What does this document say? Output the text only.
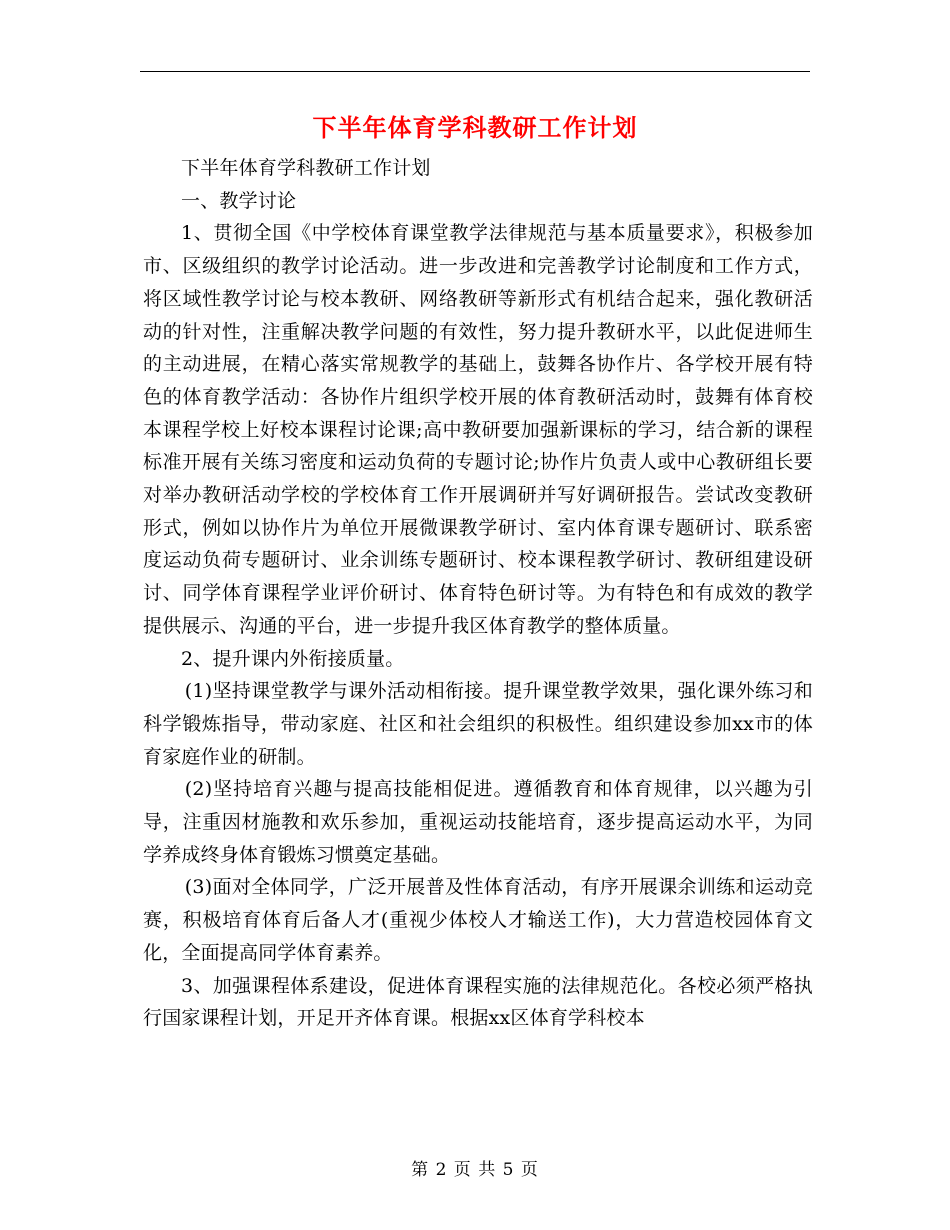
下半年体育学科教研工作计划

下半年体育学科教研工作计划

一、教学讨论

1、贯彻全国《中学校体育课堂教学法律规范与基本质量要求》，积极参加市、区级组织的教学讨论活动。进一步改进和完善教学讨论制度和工作方式，将区域性教学讨论与校本教研、网络教研等新形式有机结合起来，强化教研活动的针对性，注重解决教学问题的有效性，努力提升教研水平，以此促进师生的主动进展，在精心落实常规教学的基础上，鼓舞各协作片、各学校开展有特色的体育教学活动：各协作片组织学校开展的体育教研活动时，鼓舞有体育校本课程学校上好校本课程讨论课;高中教研要加强新课标的学习，结合新的课程标准开展有关练习密度和运动负荷的专题讨论;协作片负责人或中心教研组长要对举办教研活动学校的学校体育工作开展调研并写好调研报告。尝试改变教研形式，例如以协作片为单位开展微课教学研讨、室内体育课专题研讨、联系密度运动负荷专题研讨、业余训练专题研讨、校本课程教学研讨、教研组建设研讨、同学体育课程学业评价研讨、体育特色研讨等。为有特色和有成效的教学提供展示、沟通的平台，进一步提升我区体育教学的整体质量。

2、提升课内外衔接质量。

(1)坚持课堂教学与课外活动相衔接。提升课堂教学效果，强化课外练习和科学锻炼指导，带动家庭、社区和社会组织的积极性。组织建设参加xx市的体育家庭作业的研制。

(2)坚持培育兴趣与提高技能相促进。遵循教育和体育规律，以兴趣为引导，注重因材施教和欢乐参加，重视运动技能培育，逐步提高运动水平，为同学养成终身体育锻炼习惯奠定基础。

(3)面对全体同学，广泛开展普及性体育活动，有序开展课余训练和运动竞赛，积极培育体育后备人才(重视少体校人才输送工作)，大力营造校园体育文化，全面提高同学体育素养。

3、加强课程体系建设，促进体育课程实施的法律规范化。各校必须严格执行国家课程计划，开足开齐体育课。根据xx区体育学科校本

第 2 页 共 5 页
